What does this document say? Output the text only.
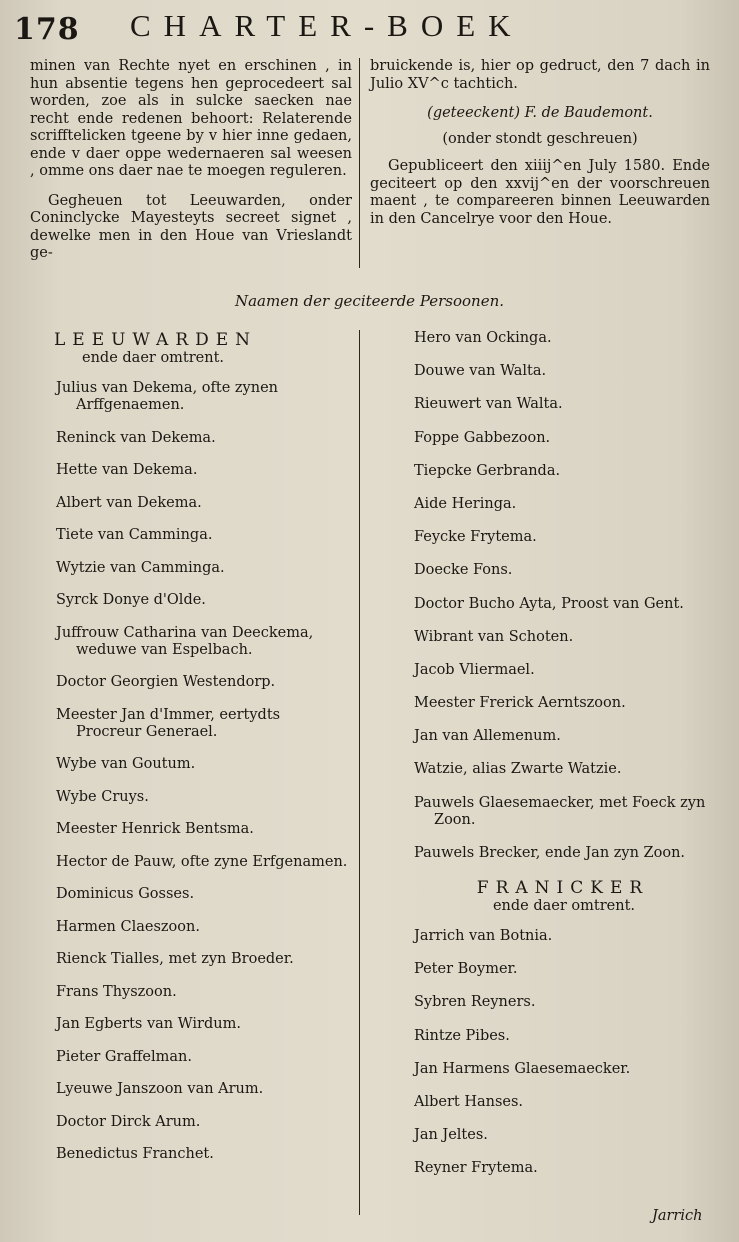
178 CHARTER-BOEK

minen van Rechte nyet en erschinen , in hun absentie tegens hen geprocedeert sal worden, zoe als in sulcke saecken nae recht ende redenen behoort: Relaterende scrifftelicken tgeene by v hier inne gedaen, ende v daer oppe wedernaeren sal weesen , omme ons daer nae te moegen reguleren.

Gegheuen tot Leeuwarden, onder Coninclycke Mayesteyts secreet signet , dewelke men in den Houe van Vrieslandt ge-

bruickende is, hier op gedruct, den 7 dach in Julio XV^c tachtich.

(geteeckent) F. de Baudemont.

(onder stondt geschreuen)

Gepubliceert den xiiij^en July 1580. Ende geciteert op den xxvij^en der voorschreuen maent , te compareeren binnen Leeuwarden in den Cancelrye voor den Houe.

Naamen der geciteerde Persoonen.
LEEUWARDEN
ende daer omtrent.
Julius van Dekema, ofte zynen Arffgenaemen.
Reninck van Dekema.
Hette van Dekema.
Albert van Dekema.
Tiete van Camminga.
Wytzie van Camminga.
Syrck Donye d'Olde.
Juffrouw Catharina van Deeckema, weduwe van Espelbach.
Doctor Georgien Westendorp.
Meester Jan d'Immer, eertydts Procreur Generael.
Wybe van Goutum.
Wybe Cruys.
Meester Henrick Bentsma.
Hector de Pauw, ofte zyne Erfgenamen.
Dominicus Gosses.
Harmen Claeszoon.
Rienck Tialles, met zyn Broeder.
Frans Thyszoon.
Jan Egberts van Wirdum.
Pieter Graffelman.
Lyeuwe Janszoon van Arum.
Doctor Dirck Arum.
Benedictus Franchet.
Hero van Ockinga.
Douwe van Walta.
Rieuwert van Walta.
Foppe Gabbezoon.
Tiepcke Gerbranda.
Aide Heringa.
Feycke Frytema.
Doecke Fons.
Doctor Bucho Ayta, Proost van Gent.
Wibrant van Schoten.
Jacob Vliermael.
Meester Frerick Aerntszoon.
Jan van Allemenum.
Watzie, alias Zwarte Watzie.
Pauwels Glaesemaecker, met Foeck zyn Zoon.
Pauwels Brecker, ende Jan zyn Zoon.
FRANICKER
ende daer omtrent.
Jarrich van Botnia.
Peter Boymer.
Sybren Reyners.
Rintze Pibes.
Jan Harmens Glaesemaecker.
Albert Hanses.
Jan Jeltes.
Reyner Frytema.
Jarrich
